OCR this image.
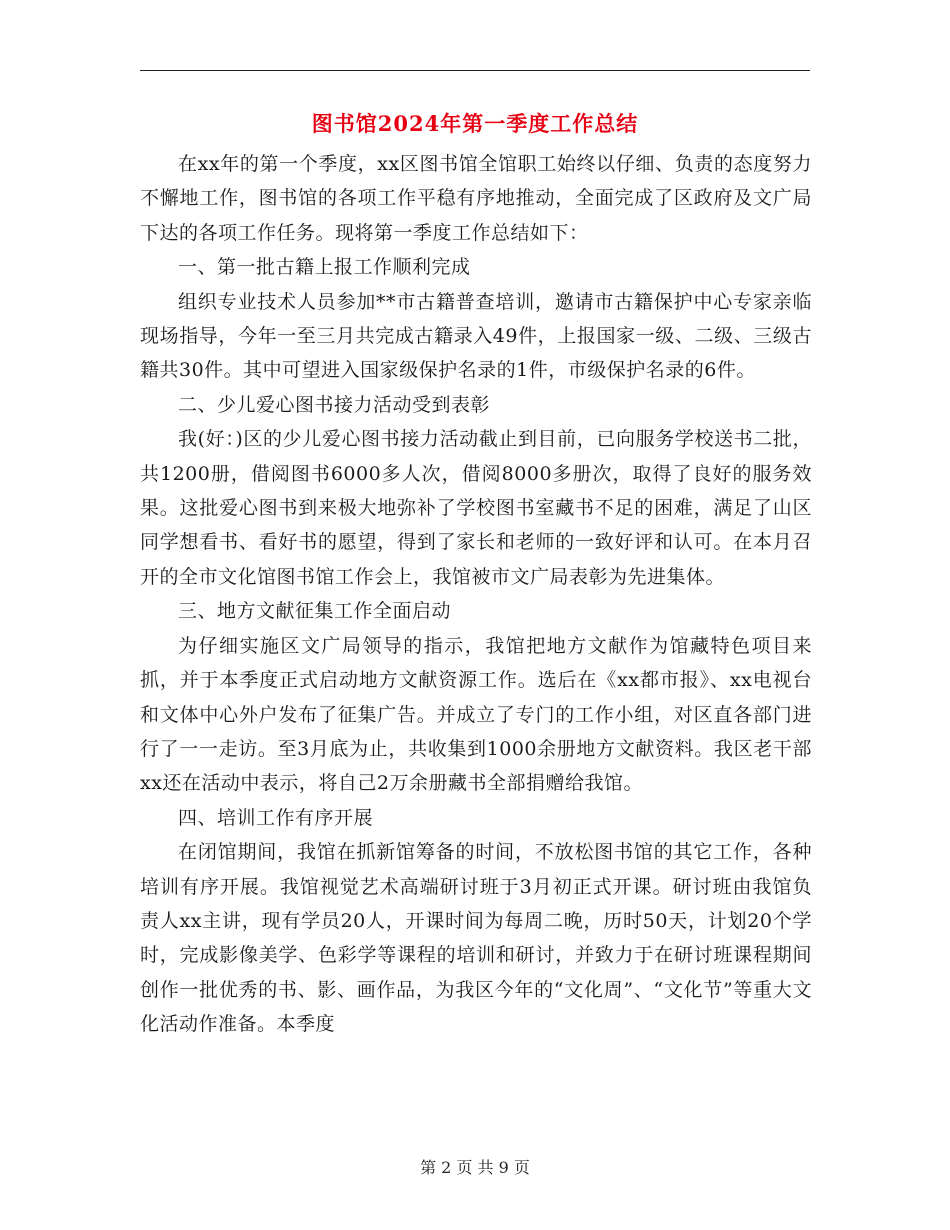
图书馆2024年第一季度工作总结

在xx年的第一个季度，xx区图书馆全馆职工始终以仔细、负责的态度努力不懈地工作，图书馆的各项工作平稳有序地推动，全面完成了区政府及文广局下达的各项工作任务。现将第一季度工作总结如下：

一、第一批古籍上报工作顺利完成

组织专业技术人员参加**市古籍普查培训，邀请市古籍保护中心专家亲临现场指导，今年一至三月共完成古籍录入49件，上报国家一级、二级、三级古籍共30件。其中可望进入国家级保护名录的1件，市级保护名录的6件。

二、少儿爱心图书接力活动受到表彰

我(好：)区的少儿爱心图书接力活动截止到目前，已向服务学校送书二批，共1200册，借阅图书6000多人次，借阅8000多册次，取得了良好的服务效果。这批爱心图书到来极大地弥补了学校图书室藏书不足的困难，满足了山区 同学想看书、看好书的愿望，得到了家长和老师的一致好评和认可。在本月召开的全市文化馆图书馆工作会上，我馆被市文广局表彰为先进集体。

三、地方文献征集工作全面启动

为仔细实施区文广局领导的指示，我馆把地方文献作为馆藏特色项目来抓，并于本季度正式启动地方文献资源工作。选后在《xx都市报》、xx电视台和文体中心外户发布了征集广告。并成立了专门的工作小组，对区直各部门进行了一一走访。至3月底为止，共收集到1000余册地方文献资料。我区老干部xx还在活动中表示，将自己2万余册藏书全部捐赠给我馆。

四、培训工作有序开展

在闭馆期间，我馆在抓新馆筹备的时间，不放松图书馆的其它工作，各种培训有序开展。我馆视觉艺术高端研讨班于3月初正式开课。研讨班由我馆负责人xx主讲，现有学员20人，开课时间为每周二晚，历时50天，计划20个学时，完成影像美学、色彩学等课程的培训和研讨，并致力于在研讨班课程期间创作一批优秀的书、影、画作品，为我区今年的“文化周”、“文化节”等重大文化活动作准备。本季度

第 2 页 共 9 页
